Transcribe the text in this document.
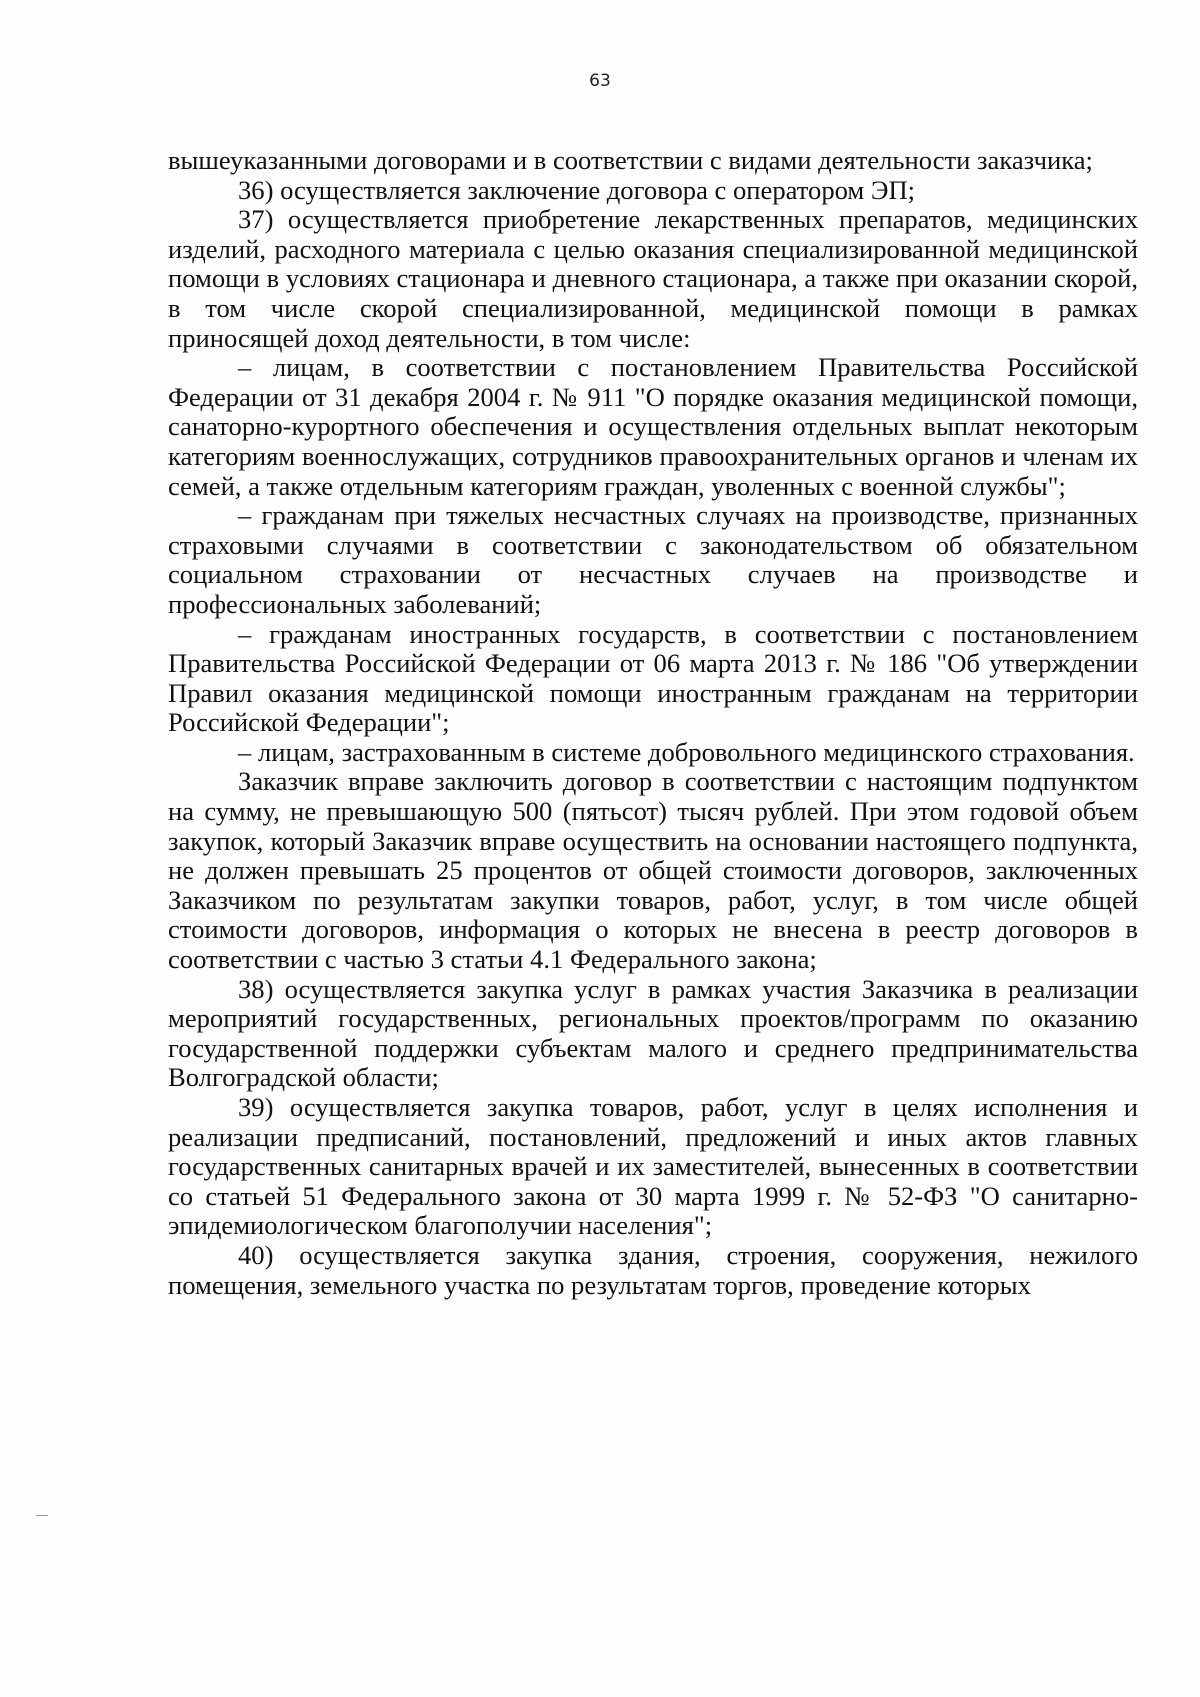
63

вышеуказанными договорами и в соответствии с видами деятельности заказчика;

36) осуществляется заключение договора с оператором ЭП;

37) осуществляется приобретение лекарственных препаратов, медицинских изделий, расходного материала с целью оказания специализированной медицинской помощи в условиях стационара и дневного стационара, а также при оказании скорой, в том числе скорой специализированной, медицинской помощи в рамках приносящей доход деятельности, в том числе:

– лицам, в соответствии с постановлением Правительства Российской Федерации от 31 декабря 2004 г. № 911 "О порядке оказания медицинской помощи, санаторно-курортного обеспечения и осуществления отдельных выплат некоторым категориям военнослужащих, сотрудников правоохранительных органов и членам их семей, а также отдельным категориям граждан, уволенных с военной службы";

– гражданам при тяжелых несчастных случаях на производстве, признанных страховыми случаями в соответствии с законодательством об обязательном социальном страховании от несчастных случаев на производстве и профессиональных заболеваний;

– гражданам иностранных государств, в соответствии с постановлением Правительства Российской Федерации от 06 марта 2013 г. № 186 "Об утверждении Правил оказания медицинской помощи иностранным гражданам на территории Российской Федерации";

– лицам, застрахованным в системе добровольного медицинского страхования.

Заказчик вправе заключить договор в соответствии с настоящим подпунктом на сумму, не превышающую 500 (пятьсот) тысяч рублей. При этом годовой объем закупок, который Заказчик вправе осуществить на основании настоящего подпункта, не должен превышать 25 процентов от общей стоимости договоров, заключенных Заказчиком по результатам закупки товаров, работ, услуг, в том числе общей стоимости договоров, информация о которых не внесена в реестр договоров в соответствии с частью 3 статьи 4.1 Федерального закона;

38) осуществляется закупка услуг в рамках участия Заказчика в реализации мероприятий государственных, региональных проектов/программ по оказанию государственной поддержки субъектам малого и среднего предпринимательства Волгоградской области;

39) осуществляется закупка товаров, работ, услуг в целях исполнения и реализации предписаний, постановлений, предложений и иных актов главных государственных санитарных врачей и их заместителей, вынесенных в соответствии со статьей 51 Федерального закона от 30 марта 1999 г. № 52-ФЗ "О санитарно-эпидемиологическом благополучии населения";

40) осуществляется закупка здания, строения, сооружения, нежилого помещения, земельного участка по результатам торгов, проведение которых
